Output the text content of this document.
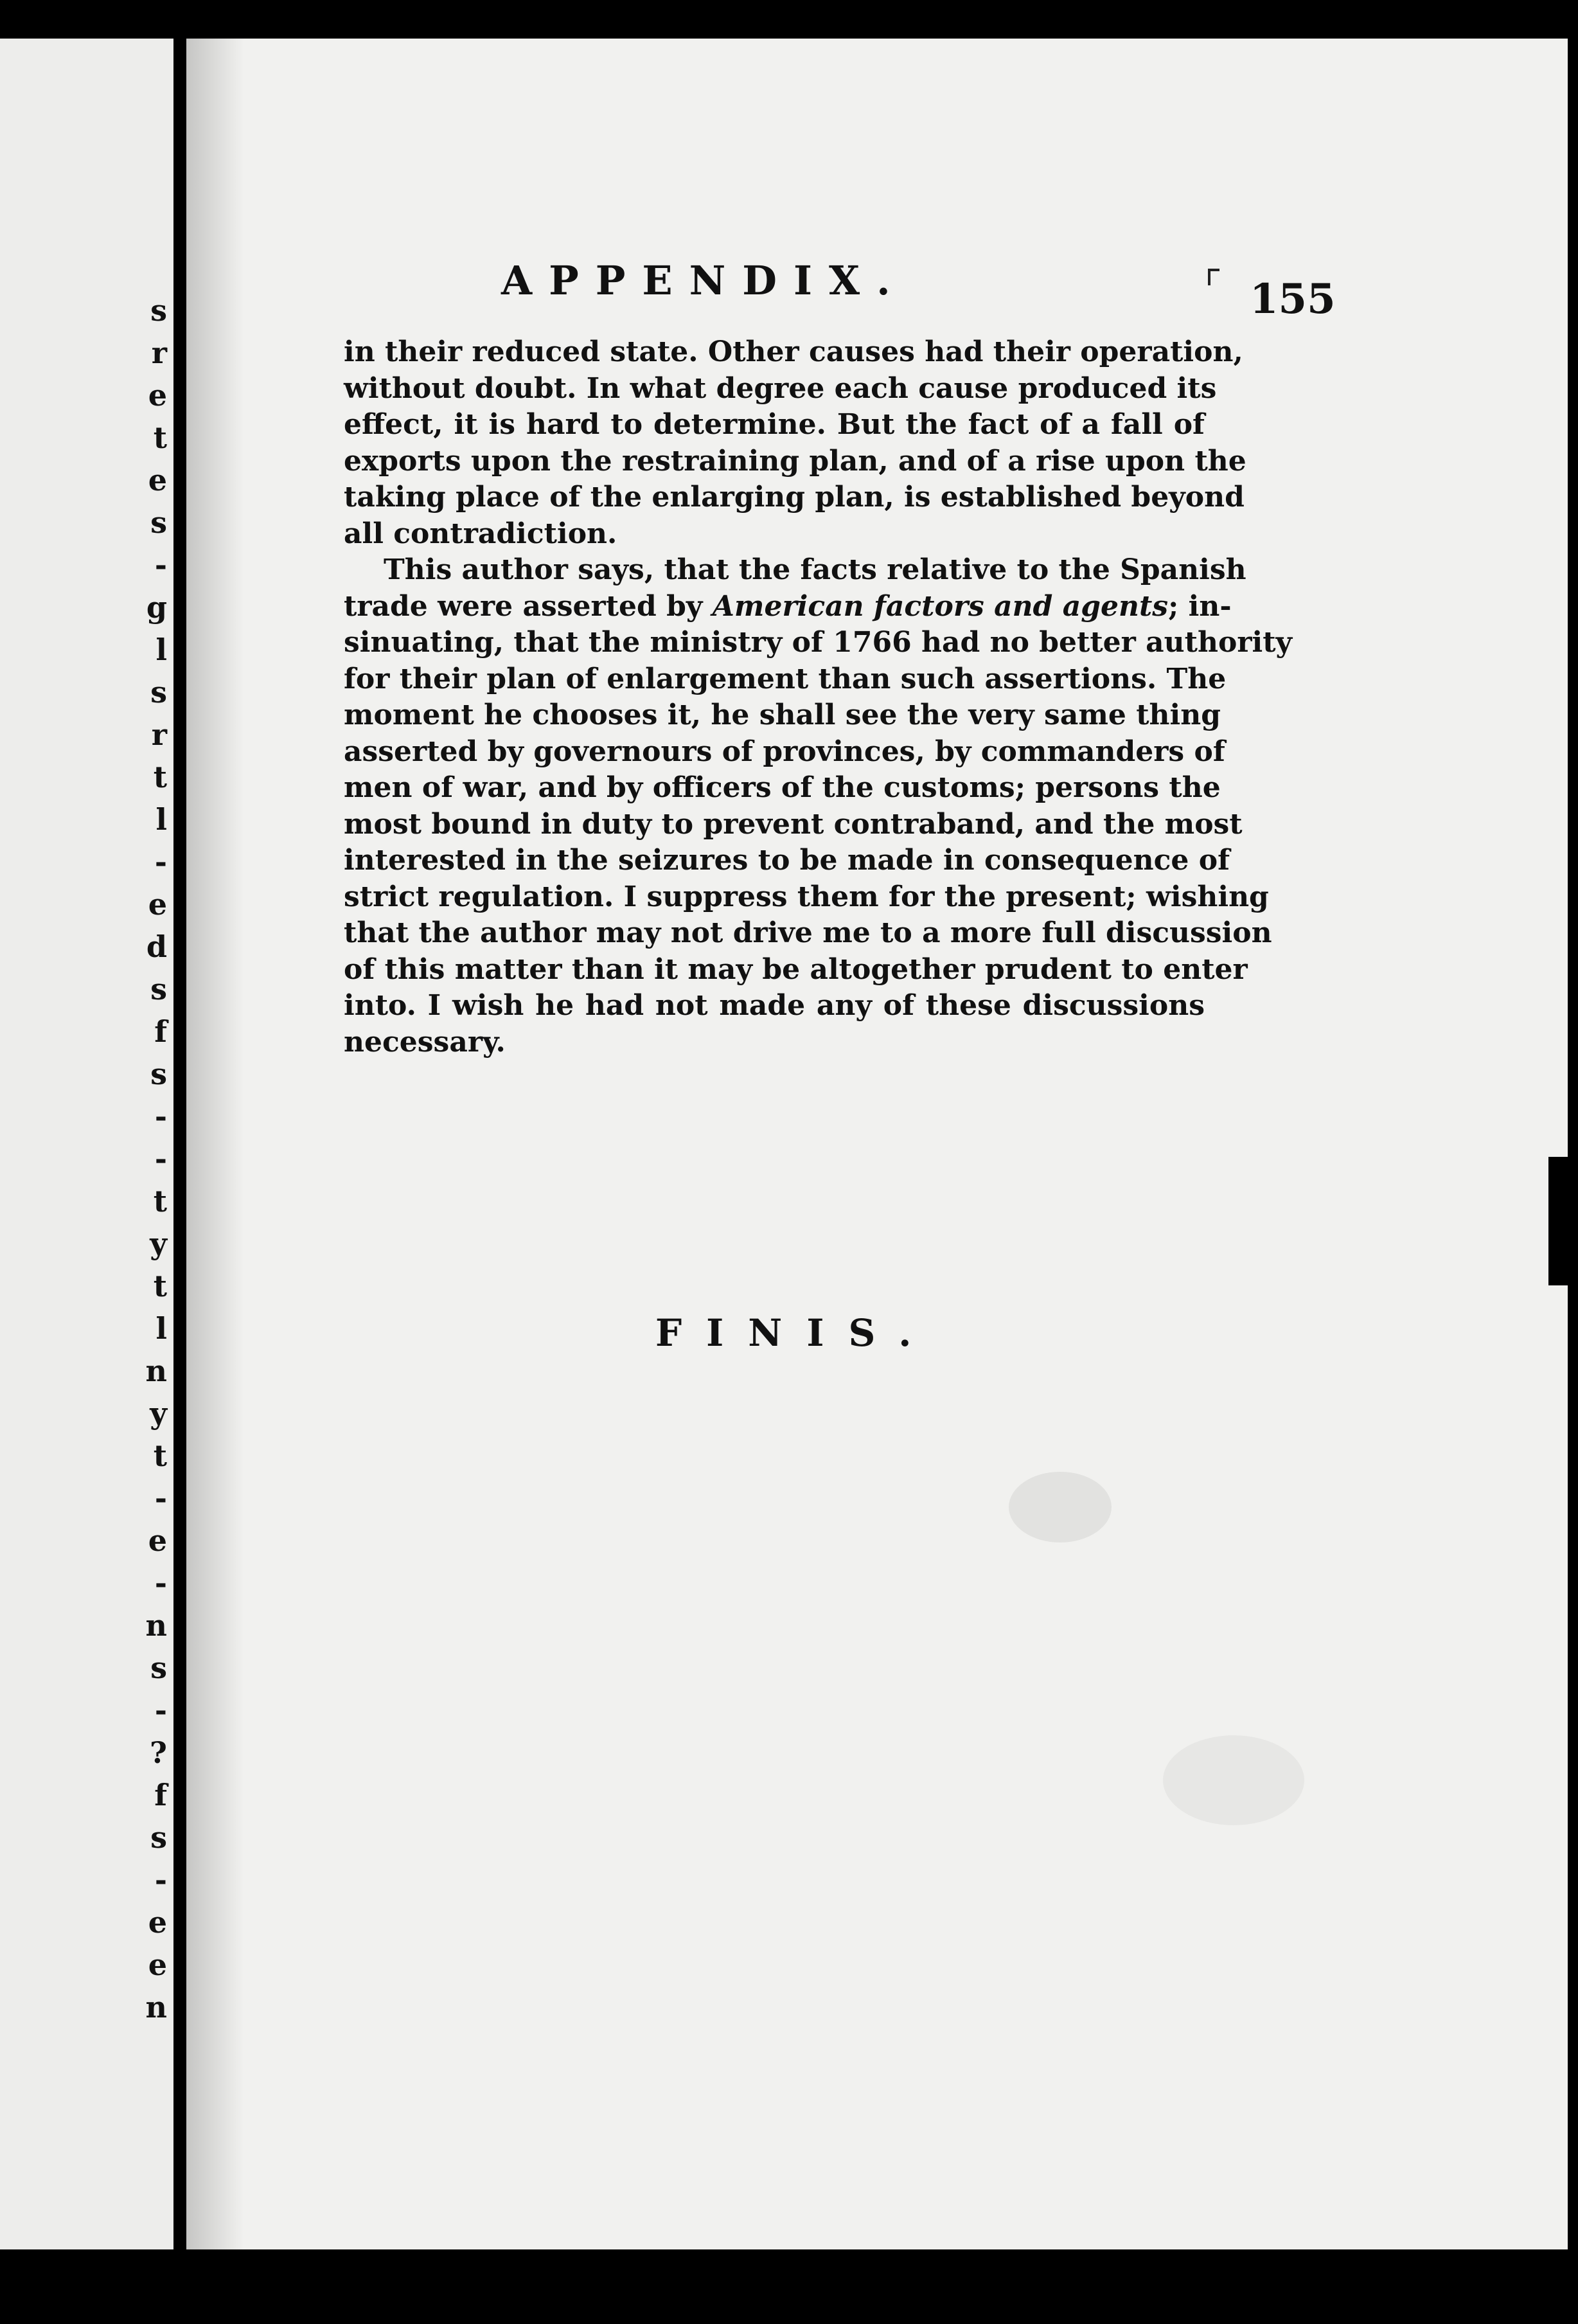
s
r
e
t
e
s
-
g
l
s
r
t
l
-
e
d
s
f
s
-
-
t
y
t
l
n
y
t
-
e
-
n
s
-
?
f
s
-
e
e
n
APPENDIX.	155
in their reduced state. Other causes had their operation,
without doubt. In what degree each cause produced its
effect, it is hard to determine. But the fact of a fall of
exports upon the restraining plan, and of a rise upon the
taking place of the enlarging plan, is established beyond
all contradiction.
This author says, that the facts relative to the Spanish
trade were asserted by American factors and agents; in-
sinuating, that the ministry of 1766 had no better authority
for their plan of enlargement than such assertions. The
moment he chooses it, he shall see the very same thing
asserted by governours of provinces, by commanders of
men of war, and by officers of the customs; persons the
most bound in duty to prevent contraband, and the most
interested in the seizures to be made in consequence of
strict regulation. I suppress them for the present; wishing
that the author may not drive me to a more full discussion
of this matter than it may be altogether prudent to enter
into. I wish he had not made any of these discussions
necessary.
FINIS.
